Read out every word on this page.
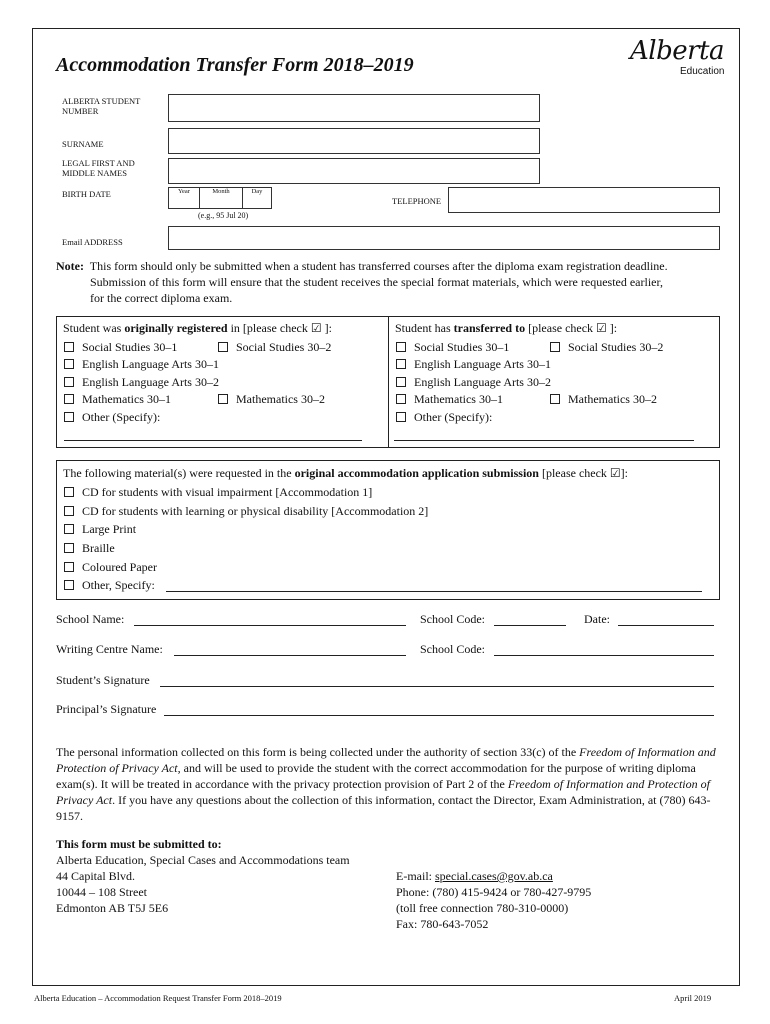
Accommodation Transfer Form 2018–2019	Alberta
Education
ALBERTA STUDENT NUMBER
SURNAME
LEGAL FIRST AND MIDDLE NAMES
BIRTH DATE	Year	Month	Day
(e.g., 95 Jul 20)
TELEPHONE
Email ADDRESS
Note: This form should only be submitted when a student has transferred courses after the diploma exam registration deadline.
Submission of this form will ensure that the student receives the special format materials, which were requested earlier,
for the correct diploma exam.
Student was originally registered in [please check ☑ ]:
Social Studies 30–1	Social Studies 30–2
English Language Arts 30–1
English Language Arts 30–2
Mathematics 30–1	Mathematics 30–2
Other (Specify):
Student has transferred to [please check ☑ ]:
Social Studies 30–1	Social Studies 30–2
English Language Arts 30–1
English Language Arts 30–2
Mathematics 30–1	Mathematics 30–2
Other (Specify):
The following material(s) were requested in the original accommodation application submission [please check ☑]:
CD for students with visual impairment [Accommodation 1]
CD for students with learning or physical disability [Accommodation 2]
Large Print
Braille
Coloured Paper
Other, Specify:
School Name:	School Code:	Date:
Writing Centre Name:	School Code:
Student’s Signature
Principal’s Signature
The personal information collected on this form is being collected under the authority of section 33(c) of the Freedom of Information and Protection of Privacy Act, and will be used to provide the student with the correct accommodation for the purpose of writing diploma exam(s). It will be treated in accordance with the privacy protection provision of Part 2 of the Freedom of Information and Protection of Privacy Act. If you have any questions about the collection of this information, contact the Director, Exam Administration, at (780) 643-9157.
This form must be submitted to:
Alberta Education, Special Cases and Accommodations team
44 Capital Blvd.
10044 – 108 Street
Edmonton AB T5J 5E6
E-mail: special.cases@gov.ab.ca
Phone: (780) 415-9424 or 780-427-9795
(toll free connection 780-310-0000)
Fax: 780-643-7052
Alberta Education – Accommodation Request Transfer Form 2018–2019	April 2019
